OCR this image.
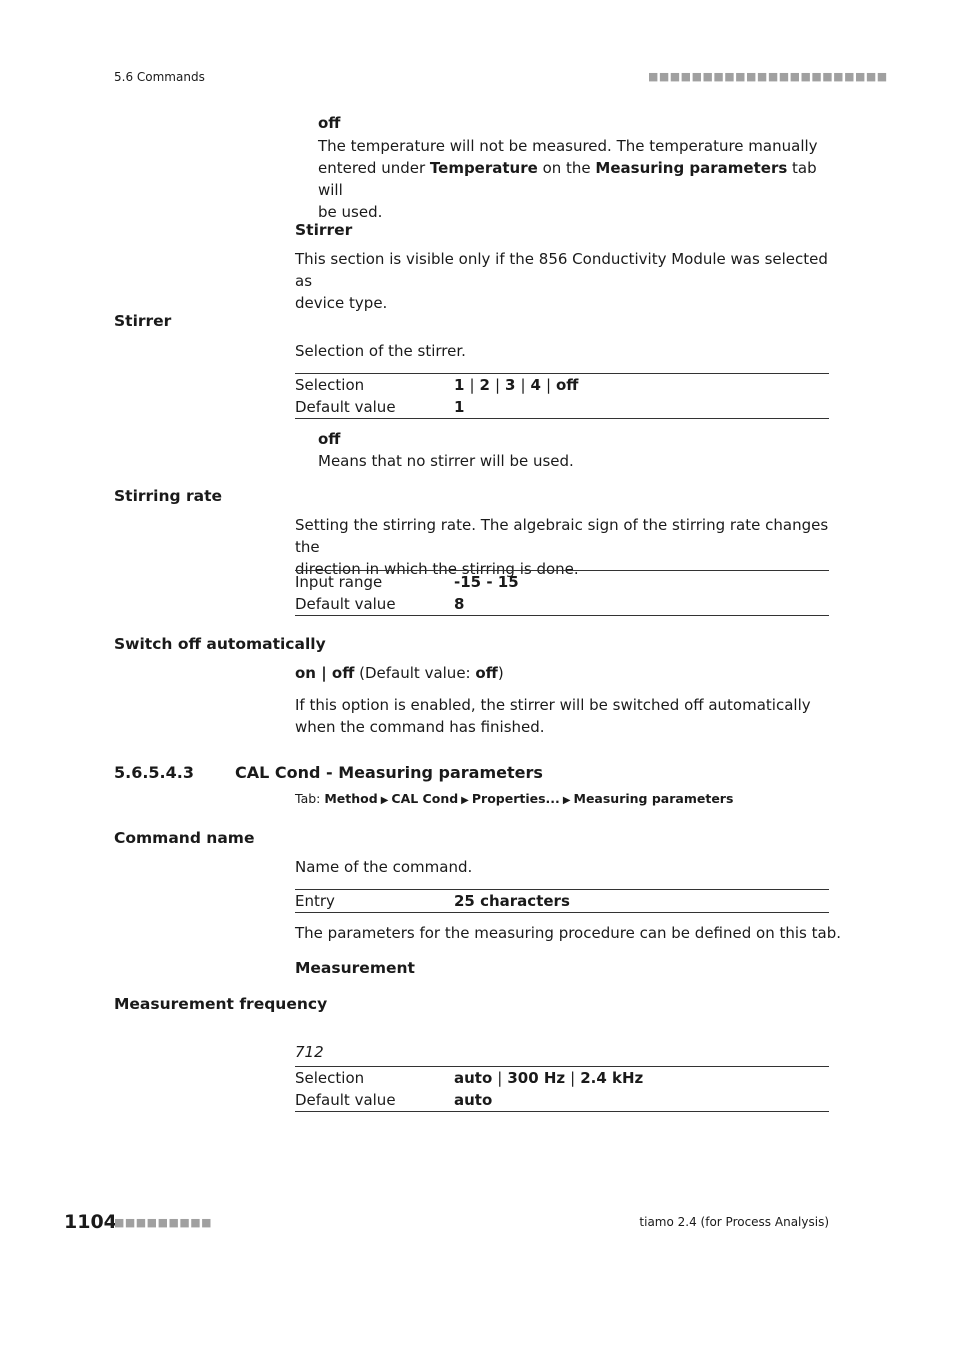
5.6 Commands	■■■■■■■■■■■■■■■■■■■■■■
off
The temperature will not be measured. The temperature manually
entered under Temperature on the Measuring parameters tab will
be used.
Stirrer
This section is visible only if the 856 Conductivity Module was selected as
device type.
Stirrer
Selection of the stirrer.
Selection	1 | 2 | 3 | 4 | off
Default value	1
off
Means that no stirrer will be used.
Stirring rate
Setting the stirring rate. The algebraic sign of the stirring rate changes the
direction in which the stirring is done.
Input range	-15 - 15
Default value	8
Switch off automatically
on | off (Default value: off)
If this option is enabled, the stirrer will be switched off automatically
when the command has finished.
5.6.5.4.3	CAL Cond - Measuring parameters
Tab: Method ▶ CAL Cond ▶ Properties... ▶ Measuring parameters
Command name
Name of the command.
Entry	25 characters
The parameters for the measuring procedure can be defined on this tab.
Measurement
Measurement frequency
712
Selection	auto | 300 Hz | 2.4 kHz
Default value	auto
1104
■■■■■■■■■	tiamo 2.4 (for Process Analysis)
